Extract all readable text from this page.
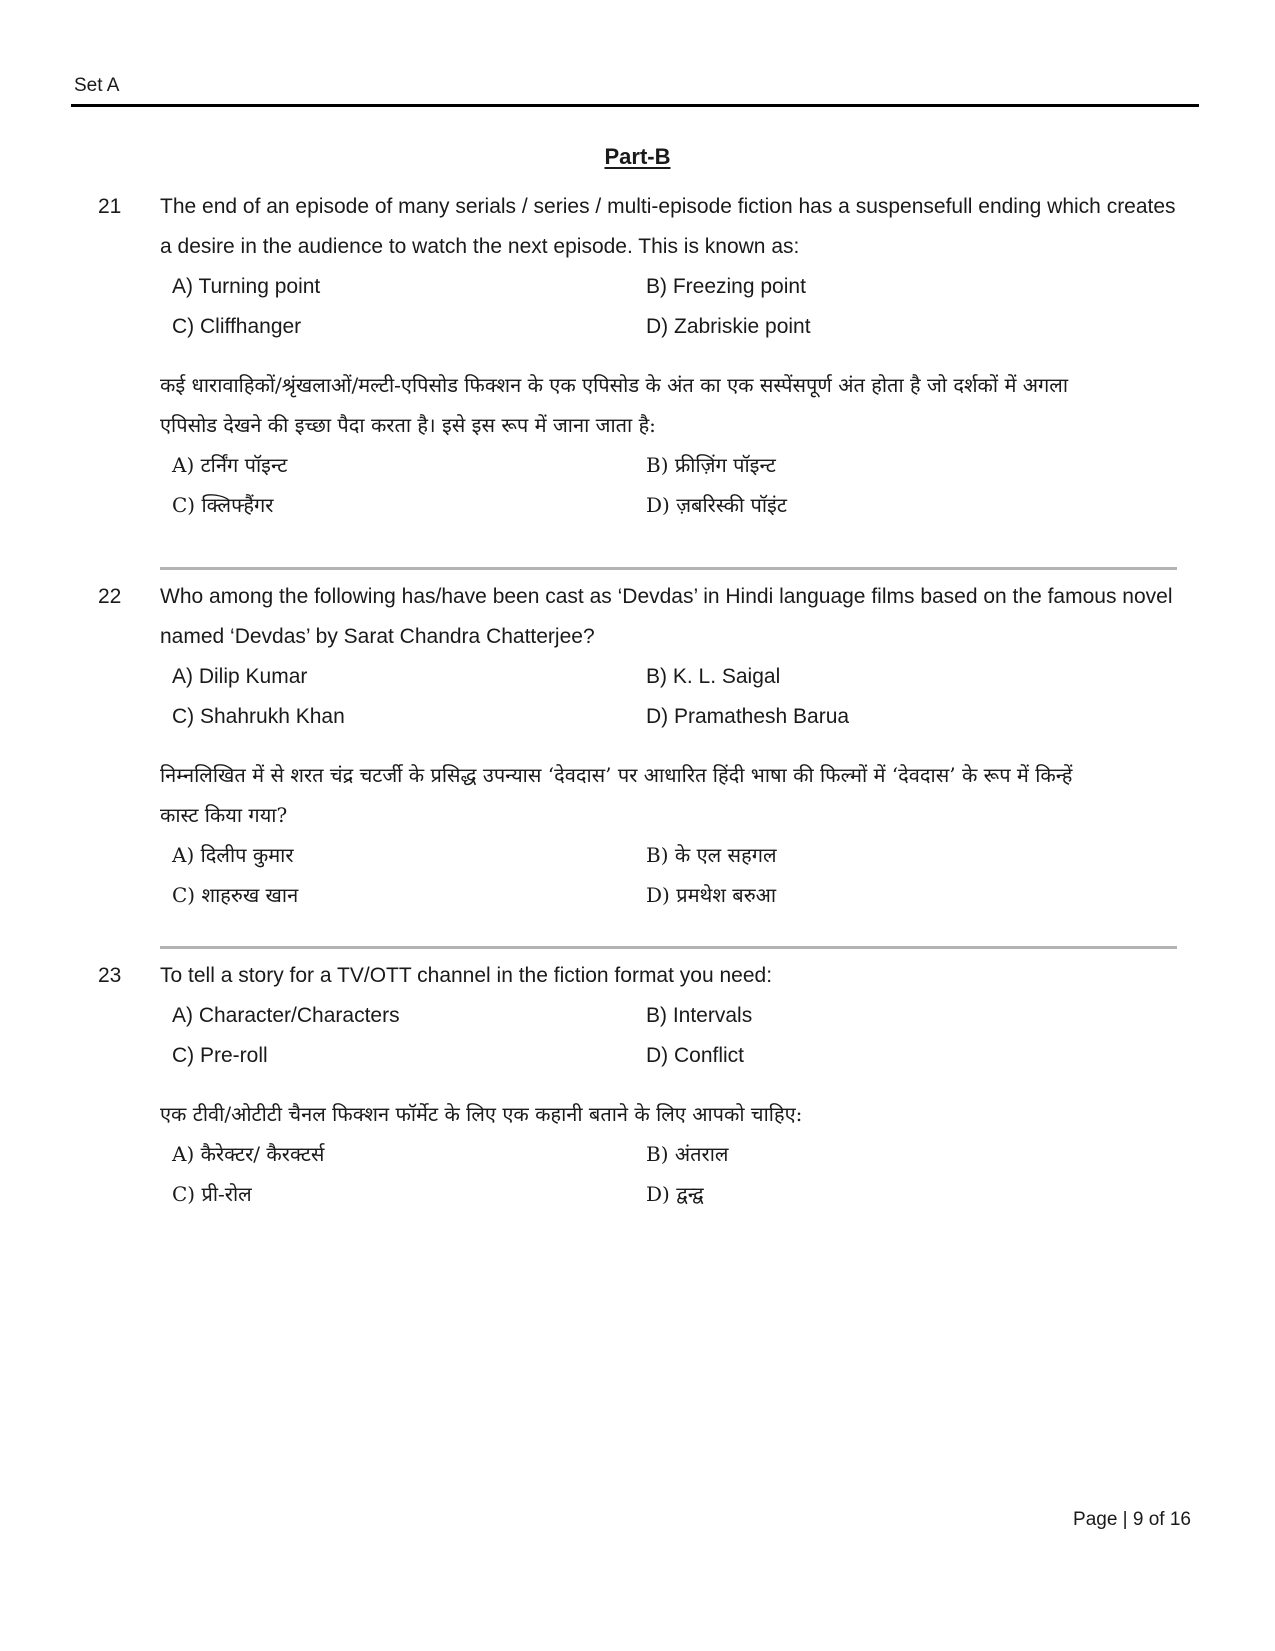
Set A
Part-B
21 The end of an episode of many serials / series / multi-episode fiction has a suspensefull ending which creates a desire in the audience to watch the next episode. This is known as:

A) Turning point	B) Freezing point
C) Cliffhanger	D) Zabriskie point

कई धारावाहिकों/श्रृंखलाओं/मल्टी-एपिसोड फिक्शन के एक एपिसोड के अंत का एक सस्पेंसपूर्ण अंत होता है जो दर्शकों में अगला

एपिसोड देखने की इच्छा पैदा करता है। इसे इस रूप में जाना जाता है:

A) टर्निंग पॉइन्ट	B) फ्रीज़िंग पॉइन्ट
C) क्लिफ्हैंगर	D) ज़बरिस्की पॉइंट
22 Who among the following has/have been cast as ‘Devdas’ in Hindi language films based on the famous novel named ‘Devdas’ by Sarat Chandra Chatterjee?

A) Dilip Kumar	B) K. L. Saigal
C) Shahrukh Khan	D) Pramathesh Barua

निम्नलिखित में से शरत चंद्र चटर्जी के प्रसिद्ध उपन्यास ‘देवदास’ पर आधारित हिंदी भाषा की फिल्मों में ‘देवदास’ के रूप में किन्हें

कास्ट किया गया?

A) दिलीप कुमार	B) के एल सहगल
C) शाहरुख खान	D) प्रमथेश बरुआ
23 To tell a story for a TV/OTT channel in the fiction format you need:

A) Character/Characters	B) Intervals
C) Pre-roll	D) Conflict

एक टीवी/ओटीटी चैनल फिक्शन फॉर्मेट के लिए एक कहानी बताने के लिए आपको चाहिए:

A) कैरेक्टर/ कैरक्टर्स	B) अंतराल
C) प्री-रोल	D) द्वन्द्व
Page | 9 of 16
